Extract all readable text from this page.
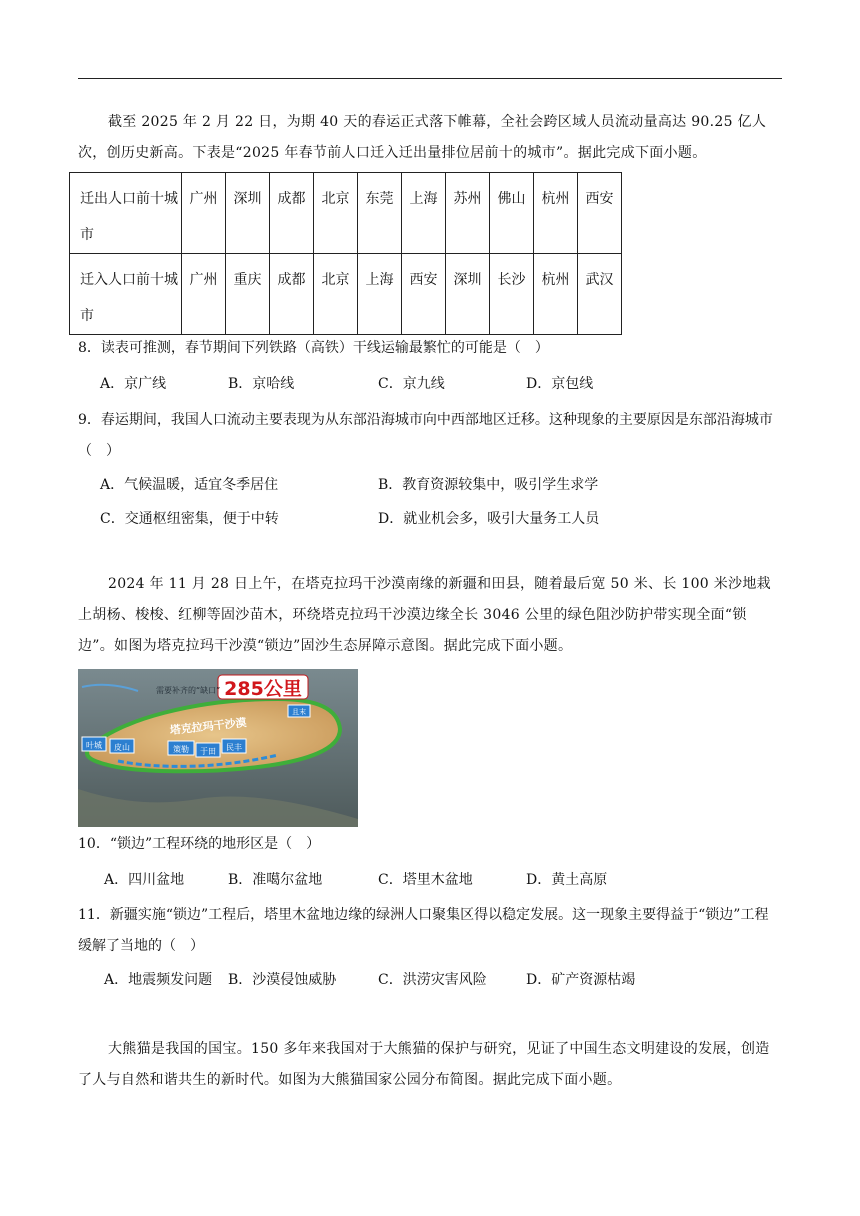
截至 2025 年 2 月 22 日，为期 40 天的春运正式落下帷幕，全社会跨区域人员流动量高达 90.25 亿人次，创历史新高。下表是“2025 年春节前人口迁入迁出量排位居前十的城市”。据此完成下面小题。

迁出人口前十城市	广州	深圳	成都	北京	东莞	上海	苏州	佛山	杭州	西安
迁入人口前十城市	广州	重庆	成都	北京	上海	西安	深圳	长沙	杭州	武汉

8．读表可推测，春节期间下列铁路（高铁）干线运输最繁忙的可能是（　）

A．京广线	B．京哈线	C．京九线	D．京包线

9．春运期间，我国人口流动主要表现为从东部沿海城市向中西部地区迁移。这种现象的主要原因是东部沿海城市（　）

A．气候温暖，适宜冬季居住	B．教育资源较集中，吸引学生求学
C．交通枢纽密集，便于中转	D．就业机会多，吸引大量务工人员

2024 年 11 月 28 日上午，在塔克拉玛干沙漠南缘的新疆和田县，随着最后宽 50 米、长 100 米沙地栽上胡杨、梭梭、红柳等固沙苗木，环绕塔克拉玛干沙漠边缘全长 3046 公里的绿色阻沙防护带实现全面“锁边”。如图为塔克拉玛干沙漠“锁边”固沙生态屏障示意图。据此完成下面小题。

285公里
需要补齐的“缺口”
塔克拉玛干沙漠
叶城 皮山	策勒 于田 民丰
且末

10．“锁边”工程环绕的地形区是（　）

A．四川盆地	B．准噶尔盆地	C．塔里木盆地	D．黄土高原

11．新疆实施“锁边”工程后，塔里木盆地边缘的绿洲人口聚集区得以稳定发展。这一现象主要得益于“锁边”工程缓解了当地的（　）

A．地震频发问题 B．沙漠侵蚀威胁	C．洪涝灾害风险	D．矿产资源枯竭

大熊猫是我国的国宝。150 多年来我国对于大熊猫的保护与研究，见证了中国生态文明建设的发展，创造了人与自然和谐共生的新时代。如图为大熊猫国家公园分布简图。据此完成下面小题。
